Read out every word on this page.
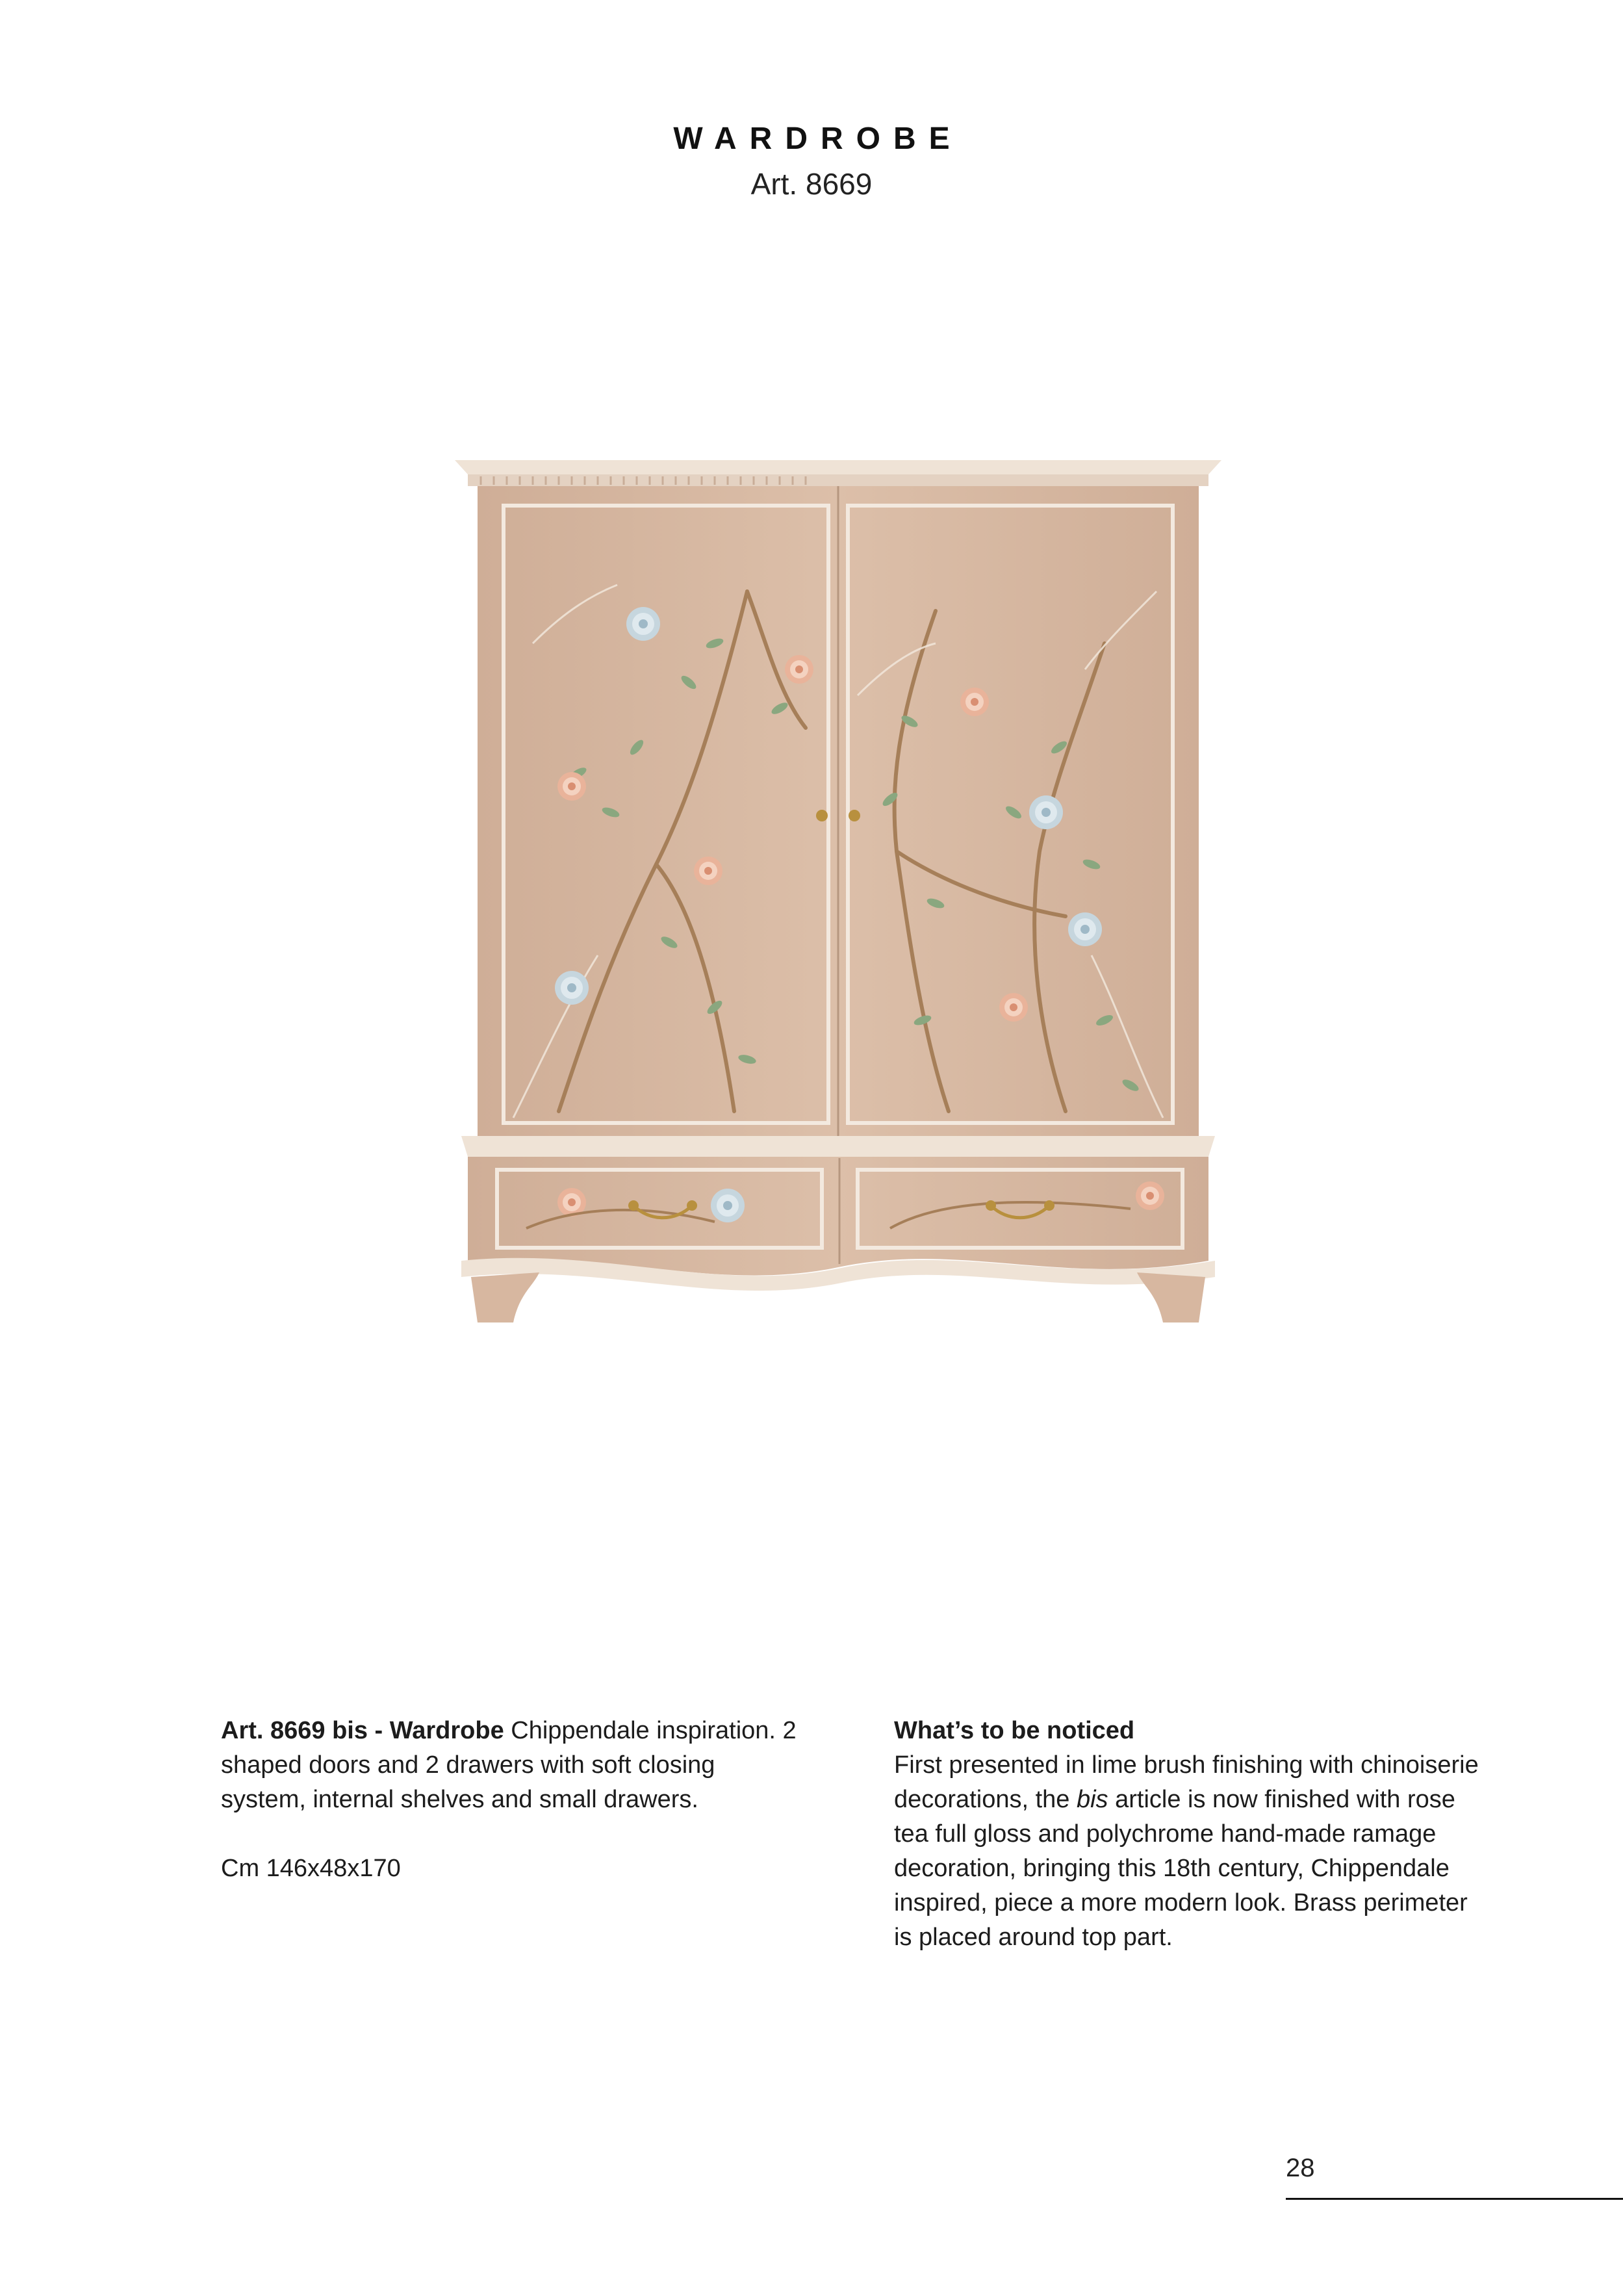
WARDROBE
Art. 8669

Art. 8669 bis - Wardrobe Chippendale inspiration. 2 shaped doors and 2 drawers with soft closing system, internal shelves and small drawers.

Cm 146x48x170

What’s to be noticed

First presented in lime brush finishing with chinoiserie decorations, the bis article is now finished with rose tea full gloss and polychrome hand-made ramage decoration, bringing this 18th century, Chippendale inspired, piece a more modern look. Brass perimeter is placed around top part.

28
